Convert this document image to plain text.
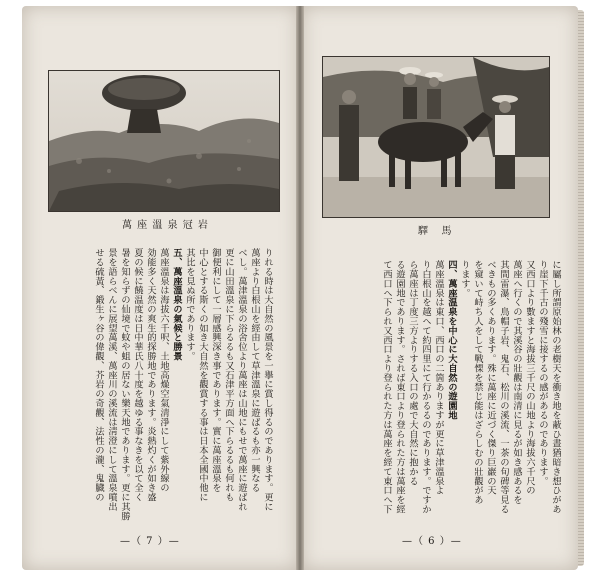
萬 座 溫 泉 冠 岩
驛   馬

に屬し所謂原始林の老樹天を衝き地を蔽ひ晝猶暗き想ひがあ

り崖下千古の殘雪に接するの感があるのであります。

又西口より數ますと海拔三千尺の山地より海拔六千尺の

萬座へ行くので其溪谷の壯觀は南清に見るが如き感あるを

其間雷瀑、鳥帽子岩、鬼石、松川の溪流、一茶の旬碑等見る

べきもの多くあります。殊に萬座に近づく傑り巨巖の天

を窺いて峙ち人をして戰慄を禁じ能はざらしむの壯觀があ

ります。

四、萬座温泉を中心に大自然の遊園地

萬座溫泉は東口、西口の二箇ありますが更に草津溫泉よ

り白根山を越へて約四里にて行かるるのであります。ですか

ら萬座は丁度三方よりする入口の處で大自然に抱かる

る遊園地であります。されば東口より登られた方は萬座を經

て西口へ下られ又西口より登られた方は萬座を經て東口へ下

りれる時は大自然の風景を一擧に賞し得るのであります。更に

萬座より白根山を經由して草津溫泉に遊ばるも亦一興なる

べし。萬津溫泉の浴舍位より萬座は山地にもせで萬座に遊ばれ

更に山田溫泉に下らるるも又石津平方面へ下らるるも何れも

御便利にして一層感興深き事であります。實に萬座溫泉を

中心とする斯くの如き大自然を觀賞する事は日本全國中他に

其比を見ぬ所であります。

五、萬座溫泉の氣候と勝景

萬座溫泉は海拔六千呎、土地高燥空氣淸淨にして紫外線の

効能多く天然の爽生的探勝地であります。炎熱灼くが如き盛

夏の候に饒温度は日中華氏八十度を越ゆる事なきを以て全く

暑を知らずの仙境で蚊や蛆の居ない樂天地であります。更に其勝

景を語らべんに展望萬溪、萬座川の溪流は淸澄にして溫泉噴出

せる硫黃、鍛生ヶ谷の偉觀、芥岩の奇觀、法性の瀧、鬼臓の

—（ 7 ）—	—（ 6 ）—
